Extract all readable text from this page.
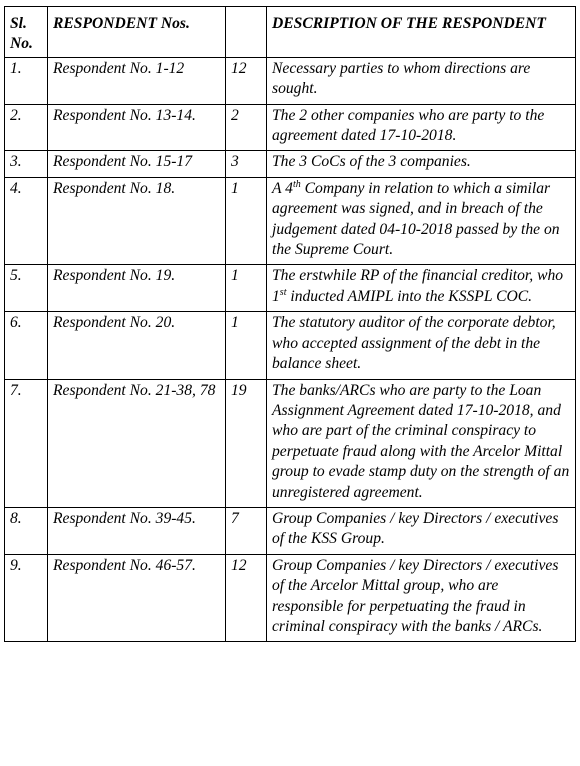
Sl. No.	RESPONDENT Nos.		DESCRIPTION OF THE RESPONDENT
1.	Respondent No. 1-12	12	Necessary parties to whom directions are sought.
2.	Respondent No. 13-14.	2	The 2 other companies who are party to the agreement dated 17-10-2018.
3.	Respondent No. 15-17	3	The 3 CoCs of the 3 companies.
4.	Respondent No. 18.	1	A 4th Company in relation to which a similar agreement was signed, and in breach of the judgement dated 04-10-2018 passed by the on the Supreme Court.
5.	Respondent No. 19.	1	The erstwhile RP of the financial creditor, who 1st inducted AMIPL into the KSSPL COC.
6.	Respondent No. 20.	1	The statutory auditor of the corporate debtor, who accepted assignment of the debt in the balance sheet.
7.	Respondent No. 21-38, 78	19	The banks/ARCs who are party to the Loan Assignment Agreement dated 17-10-2018, and who are part of the criminal conspiracy to perpetuate fraud along with the Arcelor Mittal group to evade stamp duty on the strength of an unregistered agreement.
8.	Respondent No. 39-45.	7	Group Companies / key Directors / executives of the KSS Group.
9.	Respondent No. 46-57.	12	Group Companies / key Directors / executives of the Arcelor Mittal group, who are responsible for perpetuating the fraud in criminal conspiracy with the banks / ARCs.
